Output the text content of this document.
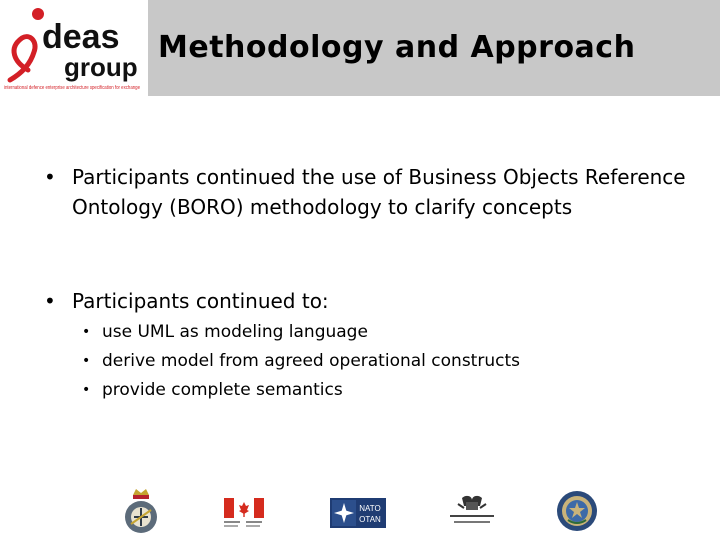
deas
group
international defence enterprise architecture specification for exchange
Methodology and Approach
• Participants continued the use of Business Objects Reference Ontology (BORO) methodology to clarify concepts
• Participants continued to:
• use UML as modeling language
• derive model from agreed operational constructs
• provide complete semantics
NATO
OTAN
